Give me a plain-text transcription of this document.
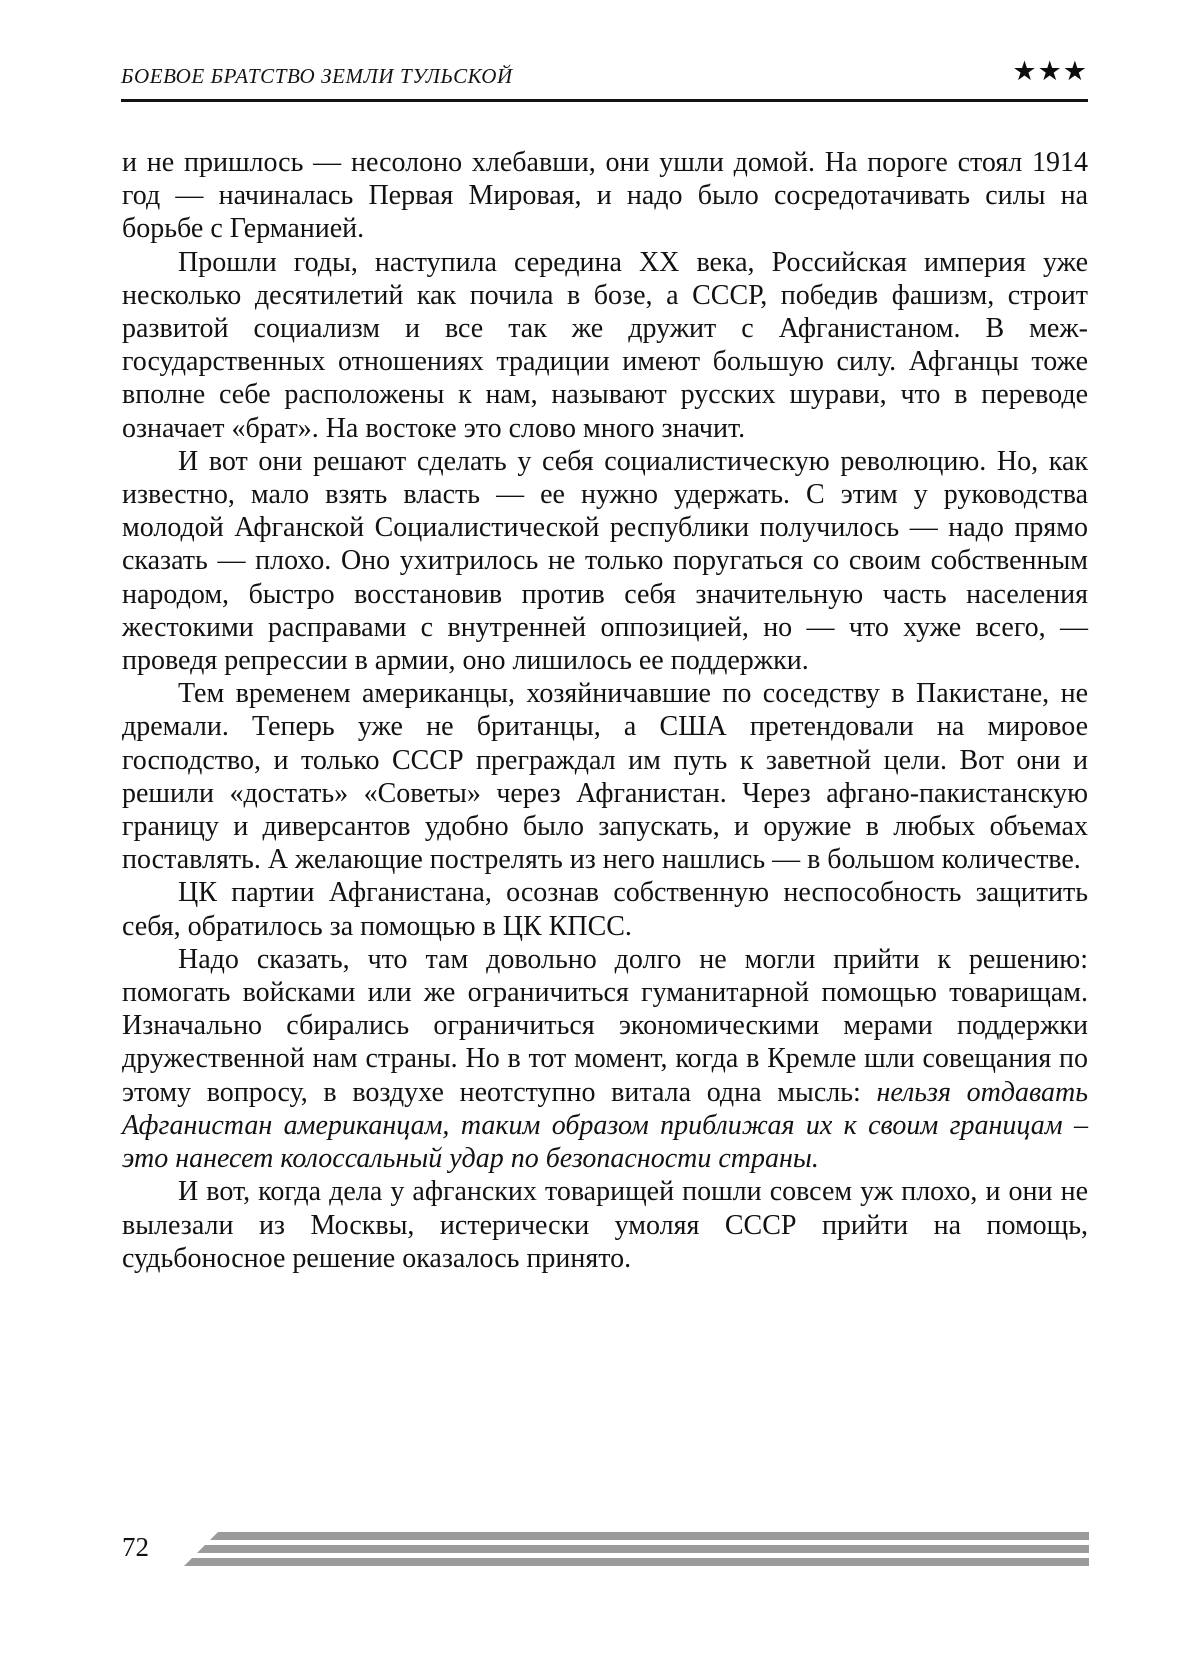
БОЕВОЕ БРАТСТВО ЗЕМЛИ ТУЛЬСКОЙ	★★★

и не пришлось — несолоно хлебавши, они ушли домой. На пороге стоял 1914 год — начиналась Первая Мировая, и надо было сосредотачивать силы на борьбе с Германией.

Прошли годы, наступила середина XX века, Российская империя уже несколько десятилетий как почила в бозе, а СССР, победив фашизм, строит развитой социализм и все так же дружит с Афганистаном. В межгосударственных отношениях традиции имеют большую силу. Афганцы тоже вполне себе расположены к нам, называют русских шурави, что в переводе означает «брат». На востоке это слово много значит.

И вот они решают сделать у себя социалистическую революцию. Но, как известно, мало взять власть — ее нужно удержать. С этим у руководства молодой Афганской Социалистической республики получилось — надо прямо сказать — плохо. Оно ухитрилось не только поругаться со своим собственным народом, быстро восстановив против себя значительную часть населения жестокими расправами с внутренней оппозицией, но — что хуже всего, — проведя репрессии в армии, оно лишилось ее поддержки.

Тем временем американцы, хозяйничавшие по соседству в Пакистане, не дремали. Теперь уже не британцы, а США претендовали на мировое господство, и только СССР преграждал им путь к заветной цели. Вот они и решили «достать» «Советы» через Афганистан. Через афгано-пакистанскую границу и диверсантов удобно было запускать, и оружие в любых объемах поставлять. А желающие пострелять из него нашлись — в большом количестве.

ЦК партии Афганистана, осознав собственную неспособность защитить себя, обратилось за помощью в ЦК КПСС.

Надо сказать, что там довольно долго не могли прийти к решению: помогать войсками или же ограничиться гуманитарной помощью товарищам. Изначально сбирались ограничиться экономическими мерами поддержки дружественной нам страны. Но в тот момент, когда в Кремле шли совещания по этому вопросу, в воздухе неотступно витала одна мысль: нельзя отдавать Афганистан американцам, таким образом приближая их к своим границам – это нанесет колоссальный удар по безопасности страны.

И вот, когда дела у афганских товарищей пошли совсем уж плохо, и они не вылезали из Москвы, истерически умоляя СССР прийти на помощь, судьбоносное решение оказалось принято.

72
